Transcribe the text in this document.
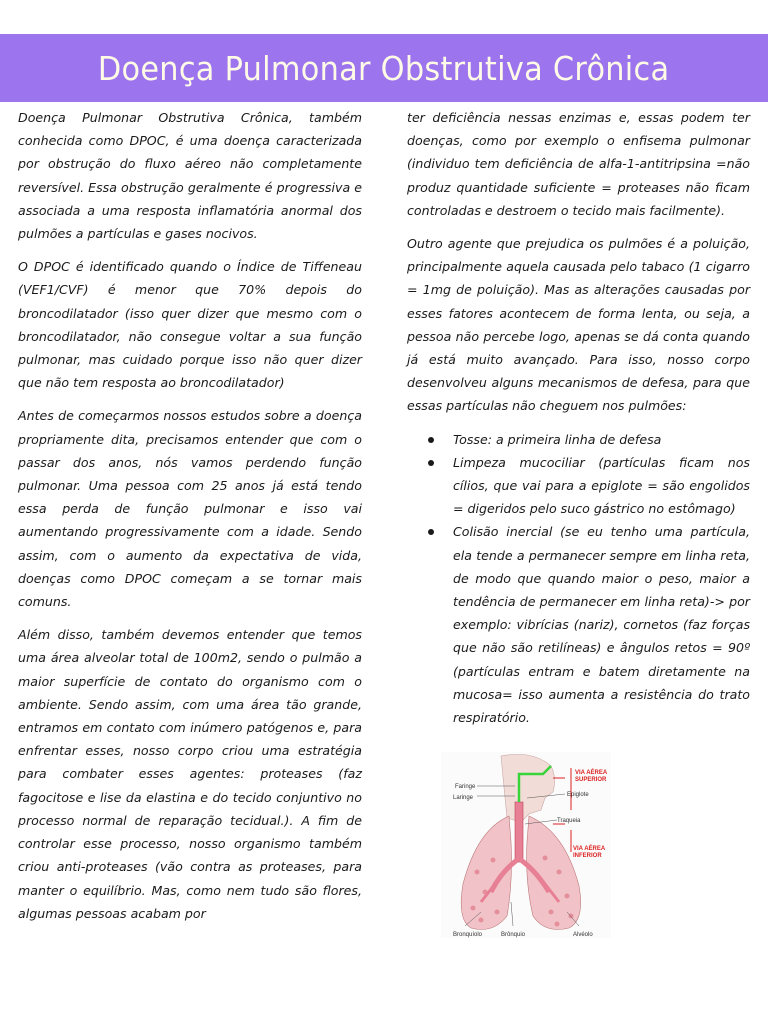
Doença Pulmonar Obstrutiva Crônica

Doença Pulmonar Obstrutiva Crônica, também conhecida como DPOC, é uma doença caracterizada por obstrução do fluxo aéreo não completamente reversível. Essa obstrução geralmente é progressiva e associada a uma resposta inflamatória anormal dos pulmões a partículas e gases nocivos.

O DPOC é identificado quando o Índice de Tiffeneau (VEF1/CVF) é menor que 70% depois do broncodilatador (isso quer dizer que mesmo com o broncodilatador, não consegue voltar a sua função pulmonar, mas cuidado porque isso não quer dizer que não tem resposta ao broncodilatador)

Antes de começarmos nossos estudos sobre a doença propriamente dita, precisamos entender que com o passar dos anos, nós vamos perdendo função pulmonar. Uma pessoa com 25 anos já está tendo essa perda de função pulmonar e isso vai aumentando progressivamente com a idade. Sendo assim, com o aumento da expectativa de vida, doenças como DPOC começam a se tornar mais comuns.

Além disso, também devemos entender que temos uma área alveolar total de 100m2, sendo o pulmão a maior superfície de contato do organismo com o ambiente. Sendo assim, com uma área tão grande, entramos em contato com inúmero patógenos e, para enfrentar esses, nosso corpo criou uma estratégia para combater esses agentes: proteases (faz fagocitose e lise da elastina e do tecido conjuntivo no processo normal de reparação tecidual.). A fim de controlar esse processo, nosso organismo também criou anti-proteases (vão contra as proteases, para manter o equilíbrio. Mas, como nem tudo são flores, algumas pessoas acabam por

ter deficiência nessas enzimas e, essas podem ter doenças, como por exemplo o enfisema pulmonar (individuo tem deficiência de alfa-1-antitripsina =não produz quantidade suficiente = proteases não ficam controladas e destroem o tecido mais facilmente).

Outro agente que prejudica os pulmões é a poluição, principalmente aquela causada pelo tabaco (1 cigarro = 1mg de poluição). Mas as alterações causadas por esses fatores acontecem de forma lenta, ou seja, a pessoa não percebe logo, apenas se dá conta quando já está muito avançado. Para isso, nosso corpo desenvolveu alguns mecanismos de defesa, para que essas partículas não cheguem nos pulmões:

Tosse: a primeira linha de defesa
Limpeza mucociliar (partículas ficam nos cílios, que vai para a epiglote = são engolidos = digeridos pelo suco gástrico no estômago)
Colisão inercial (se eu tenho uma partícula, ela tende a permanecer sempre em linha reta, de modo que quando maior o peso, maior a tendência de permanecer em linha reta)-> por exemplo: vibrícias (nariz), cornetos (faz forças que não são retilíneas) e ângulos retos = 90º (partículas entram e batem diretamente na mucosa= isso aumenta a resistência do trato respiratório.
Faringe
Laringe	Epiglote
Traqueia
Bronquíolo	Brônquio	Alvéolo
VIA AÉREA
SUPERIOR
VIA AÉREA
INFERIOR
